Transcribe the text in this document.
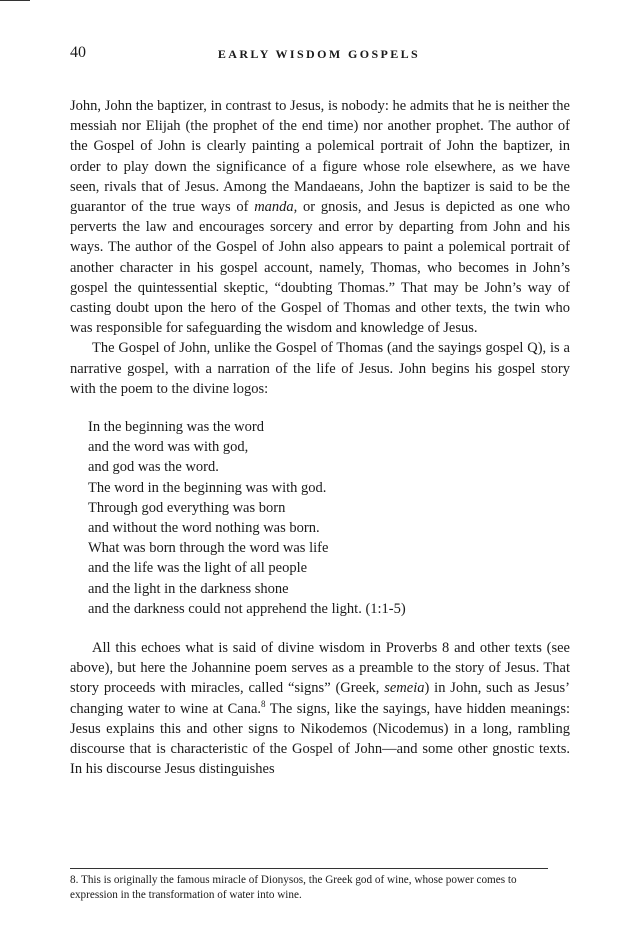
40	EARLY WISDOM GOSPELS

John, John the baptizer, in contrast to Jesus, is nobody: he admits that he is neither the messiah nor Elijah (the prophet of the end time) nor another prophet. The author of the Gospel of John is clearly painting a polemical portrait of John the baptizer, in order to play down the significance of a figure whose role elsewhere, as we have seen, rivals that of Jesus. Among the Mandaeans, John the baptizer is said to be the guarantor of the true ways of manda, or gnosis, and Jesus is depicted as one who perverts the law and encourages sorcery and error by departing from John and his ways. The author of the Gospel of John also appears to paint a polemical portrait of another character in his gospel account, namely, Thomas, who becomes in John’s gospel the quintessential skeptic, “doubting Thomas.” That may be John’s way of casting doubt upon the hero of the Gospel of Thomas and other texts, the twin who was responsible for safeguarding the wisdom and knowledge of Jesus.

The Gospel of John, unlike the Gospel of Thomas (and the sayings gospel Q), is a narrative gospel, with a narration of the life of Jesus. John begins his gospel story with the poem to the divine logos:

In the beginning was the word
and the word was with god,
and god was the word.
The word in the beginning was with god.
Through god everything was born
and without the word nothing was born.
What was born through the word was life
and the life was the light of all people
and the light in the darkness shone
and the darkness could not apprehend the light. (1:1-5)

All this echoes what is said of divine wisdom in Proverbs 8 and other texts (see above), but here the Johannine poem serves as a preamble to the story of Jesus. That story proceeds with miracles, called “signs” (Greek, semeia) in John, such as Jesus’ changing water to wine at Cana.$^8$ The signs, like the sayings, have hidden meanings: Jesus explains this and other signs to Nikodemos (Nicodemus) in a long, rambling discourse that is characteristic of the Gospel of John—and some other gnostic texts. In his discourse Jesus distinguishes

8. This is originally the famous miracle of Dionysos, the Greek god of wine, whose power comes to expression in the transformation of water into wine.
